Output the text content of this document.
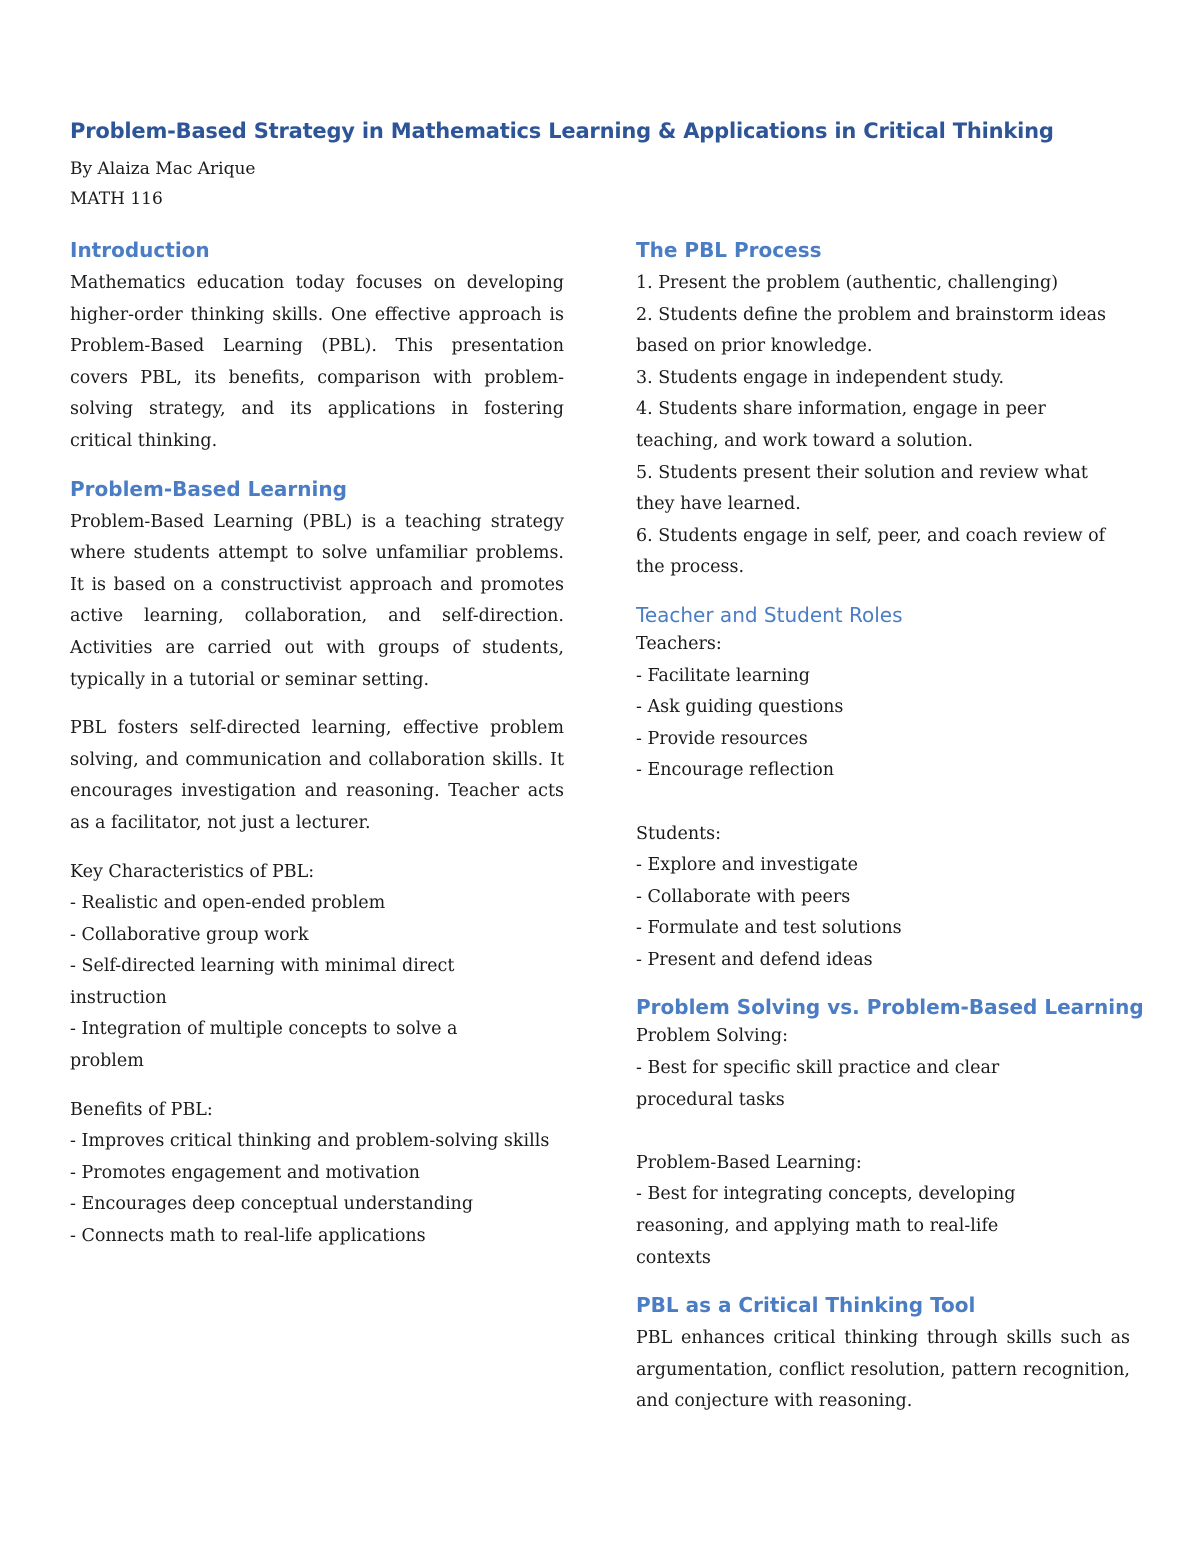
Problem-Based Strategy in Mathematics Learning & Applications in Critical Thinking

By Alaiza Mac Arique

MATH 116

Introduction

Mathematics education today focuses on developing higher-order thinking skills. One effective approach is Problem-Based Learning (PBL). This presentation covers PBL, its benefits, comparison with problem-solving strategy, and its applications in fostering critical thinking.

Problem-Based Learning

Problem-Based Learning (PBL) is a teaching strategy where students attempt to solve unfamiliar problems. It is based on a constructivist approach and promotes active learning, collaboration, and self-direction. Activities are carried out with groups of students, typically in a tutorial or seminar setting.

PBL fosters self-directed learning, effective problem solving, and communication and collaboration skills. It encourages investigation and reasoning. Teacher acts as a facilitator, not just a lecturer.

Key Characteristics of PBL:

- Realistic and open-ended problem

- Collaborative group work

- Self-directed learning with minimal direct instruction

- Integration of multiple concepts to solve a problem

Benefits of PBL:

- Improves critical thinking and problem-solving skills

- Promotes engagement and motivation

- Encourages deep conceptual understanding

- Connects math to real-life applications

The PBL Process

1. Present the problem (authentic, challenging)

2. Students define the problem and brainstorm ideas based on prior knowledge.

3. Students engage in independent study.

4. Students share information, engage in peer teaching, and work toward a solution.

5. Students present their solution and review what they have learned.

6. Students engage in self, peer, and coach review of the process.

Teacher and Student Roles

Teachers:

- Facilitate learning

- Ask guiding questions

- Provide resources

- Encourage reflection

Students:

- Explore and investigate

- Collaborate with peers

- Formulate and test solutions

- Present and defend ideas

Problem Solving vs. Problem-Based Learning

Problem Solving:

- Best for specific skill practice and clear procedural tasks

Problem-Based Learning:

- Best for integrating concepts, developing reasoning, and applying math to real-life contexts

PBL as a Critical Thinking Tool

PBL enhances critical thinking through skills such as argumentation, conflict resolution, pattern recognition, and conjecture with reasoning.
